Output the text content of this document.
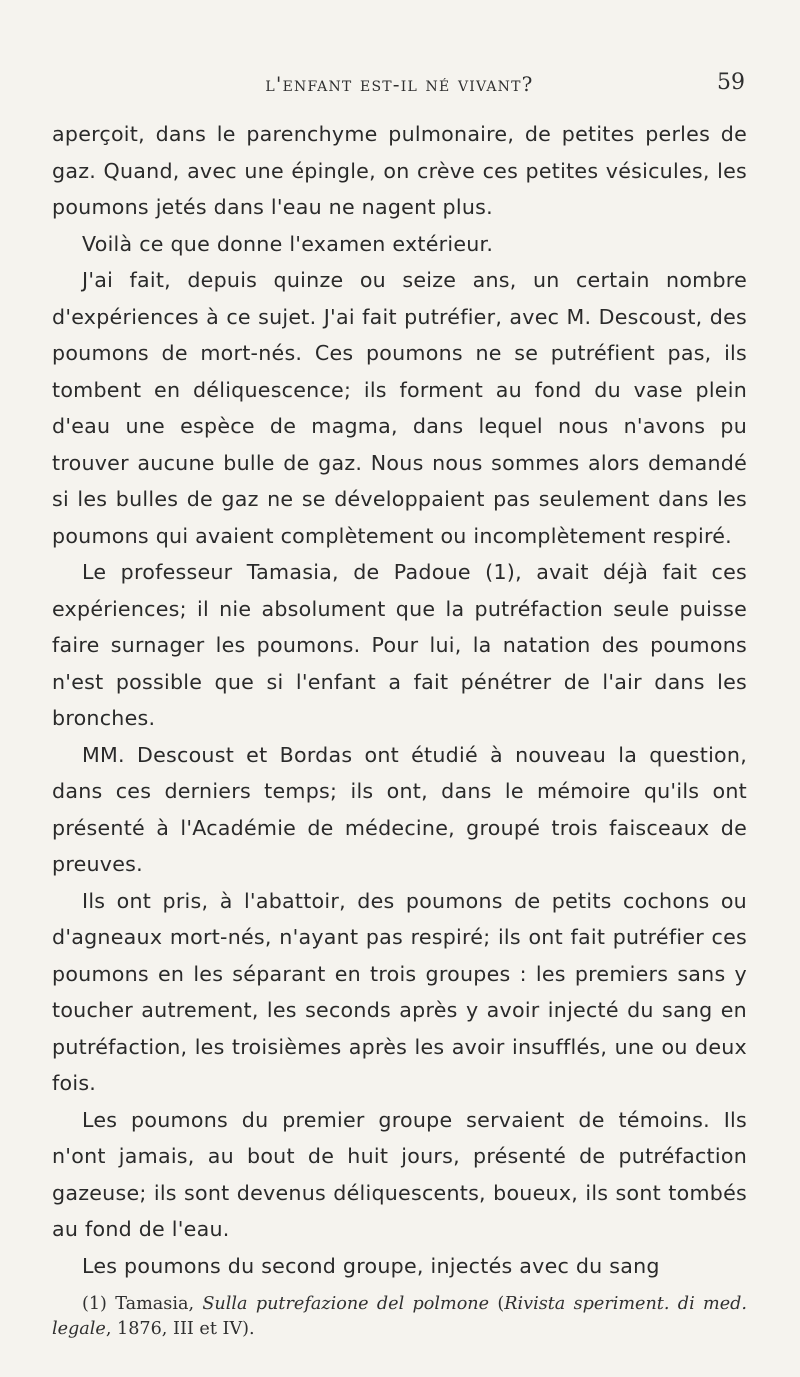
l'enfant est-il né vivant?	59

aperçoit, dans le parenchyme pulmonaire, de petites perles de gaz. Quand, avec une épingle, on crève ces petites vésicules, les poumons jetés dans l'eau ne nagent plus.

Voilà ce que donne l'examen extérieur.

J'ai fait, depuis quinze ou seize ans, un certain nombre d'expériences à ce sujet. J'ai fait putréfier, avec M. Descoust, des poumons de mort-nés. Ces poumons ne se putréfient pas, ils tombent en déliquescence; ils forment au fond du vase plein d'eau une espèce de magma, dans lequel nous n'avons pu trouver aucune bulle de gaz. Nous nous sommes alors demandé si les bulles de gaz ne se développaient pas seulement dans les poumons qui avaient complètement ou incomplètement respiré.

Le professeur Tamasia, de Padoue (1), avait déjà fait ces expériences; il nie absolument que la putréfaction seule puisse faire surnager les poumons. Pour lui, la natation des poumons n'est possible que si l'enfant a fait pénétrer de l'air dans les bronches.

MM. Descoust et Bordas ont étudié à nouveau la question, dans ces derniers temps; ils ont, dans le mémoire qu'ils ont présenté à l'Académie de médecine, groupé trois faisceaux de preuves.

Ils ont pris, à l'abattoir, des poumons de petits cochons ou d'agneaux mort-nés, n'ayant pas respiré; ils ont fait putréfier ces poumons en les séparant en trois groupes : les premiers sans y toucher autrement, les seconds après y avoir injecté du sang en putréfaction, les troisièmes après les avoir insufflés, une ou deux fois.

Les poumons du premier groupe servaient de témoins. Ils n'ont jamais, au bout de huit jours, présenté de putréfaction gazeuse; ils sont devenus déliquescents, boueux, ils sont tombés au fond de l'eau.

Les poumons du second groupe, injectés avec du sang

(1) Tamasia, Sulla putrefazione del polmone (Rivista speriment. di med. legale, 1876, III et IV).
